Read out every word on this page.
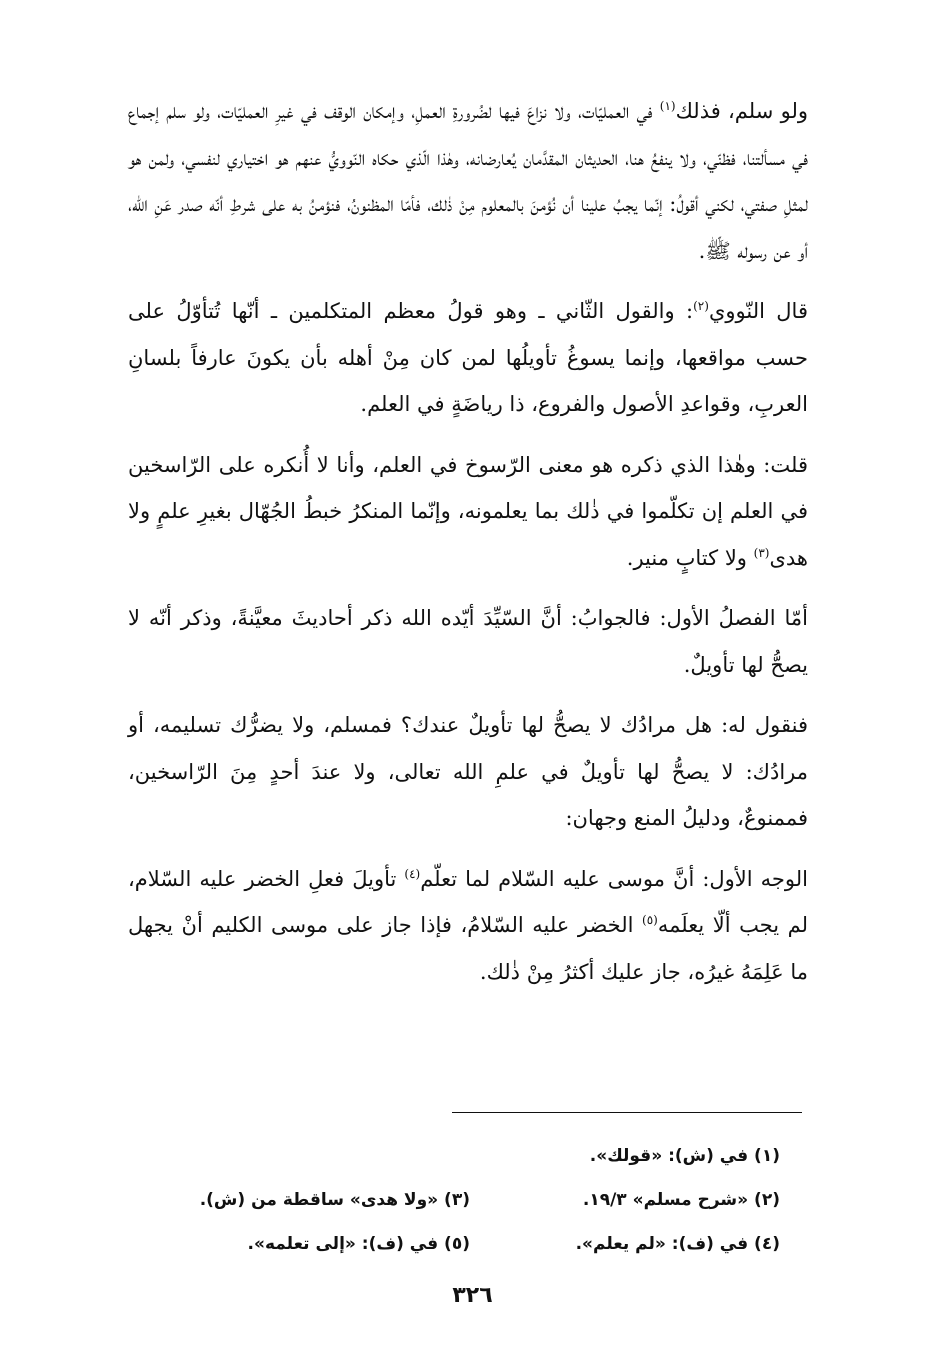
ولو سلم، فذلك$^{(١)}$ في العمليّات، ولا نزاعَ فيها لضُرورةِ العملِ، وإمكان الوقف في غيرِ العمليّات، ولو سلم إجماع في مسألتنا، فظنّي، ولا ينفعُ هنا، الحديثان المقدَّمان يُعارضانه، وهٰذا الّذي حكاه النّوويُّ عنهم هو اختياري لنفسي، ولمن هو لمثلِ صفتي، لكني أقولُ: إنّما يجبُ علينا أن نُؤمنَ بالمعلوم مِنْ ذٰلك، فأمّا المظنونُ، فنؤمنُ به على شرطِ أنّه صدر عَنِ الله، أو عن رسوله ﷺ.

قال النّووي$^{(٢)}$: والقول الثّاني ـ وهو قولُ معظم المتكلمين ـ أنّها تُتأوّلُ على حسب مواقعها، وإنما يسوغُ تأويلُها لمن كان مِنْ أهله بأن يكونَ عارفاً بلسانِ العربِ، وقواعدِ الأصول والفروع، ذا رياضَةٍ في العلم.

قلت: وهٰذا الذي ذكره هو معنى الرّسوخ في العلم، وأنا لا أُنكره على الرّاسخين في العلم إن تكلّموا في ذٰلك بما يعلمونه، وإنّما المنكرُ خبطُ الجُهّال بغيرِ علمٍ ولا هدى$^{(٣)}$ ولا كتابٍ منير.

أمّا الفصلُ الأول: فالجوابُ: أنَّ السّيِّدَ أيّده الله ذكر أحاديثَ معيَّنةً، وذكر أنّه لا يصحُّ لها تأويلٌ.

فنقول له: هل مرادُك لا يصحُّ لها تأويلٌ عندك؟ فمسلم، ولا يضرُّك تسليمه، أو مرادُك: لا يصحُّ لها تأويلٌ في علمِ الله تعالى، ولا عندَ أحدٍ مِنَ الرّاسخين، فممنوعٌ، ودليلُ المنع وجهان:

الوجه الأول: أنَّ موسى عليه السّلام لما تعلّم$^{(٤)}$ تأويلَ فعلِ الخضر عليه السّلام، لم يجب ألّا يعلَمه$^{(٥)}$ الخضر عليه السّلامُ، فإذا جاز على موسى الكليم أنْ يجهل ما عَلِمَهُ غيرُه، جاز عليك أكثرُ مِنْ ذٰلك.

(١) في (ش): «قولك».
(٢) «شرح مسلم» ١٩/٣.
(٣) «ولا هدى» ساقطة من (ش).
(٤) في (ف): «لم يعلم».
(٥) في (ف): «إلى تعلمه».
٣٢٦
